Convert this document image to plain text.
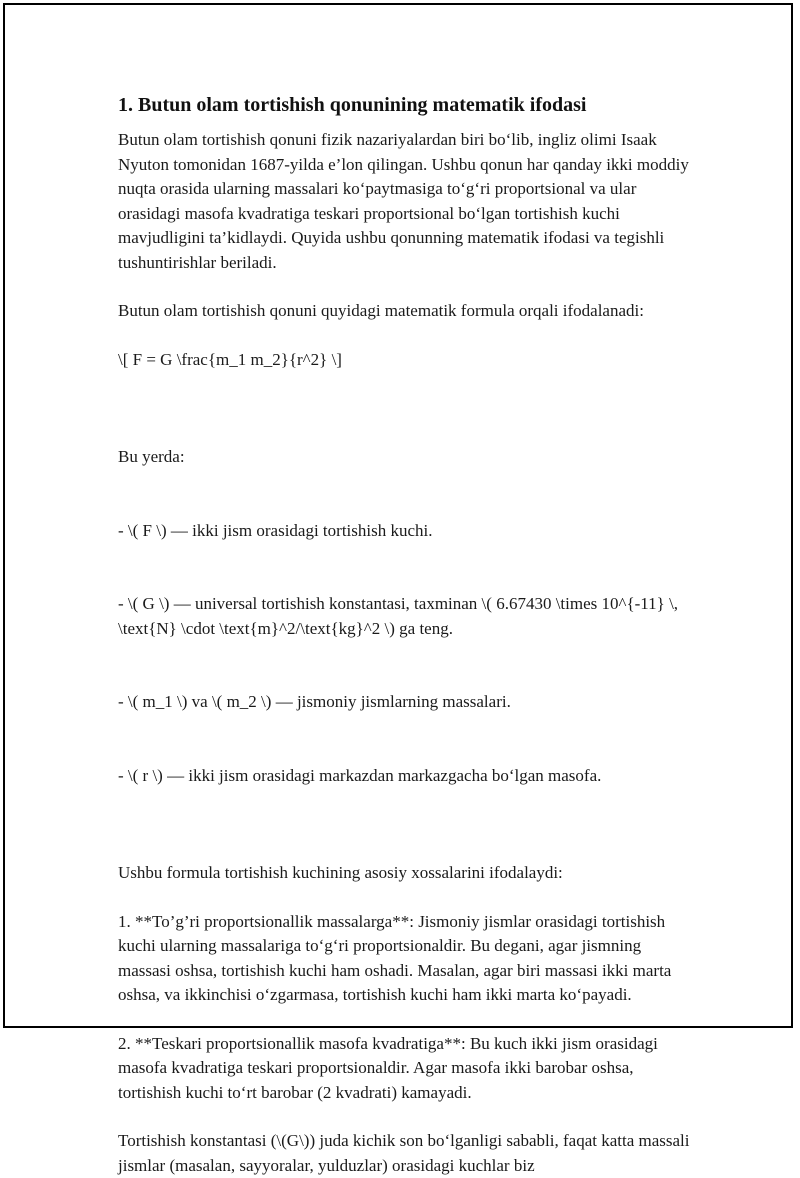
1. Butun olam tortishish qonunining matematik ifodasi

Butun olam tortishish qonuni fizik nazariyalardan biri bo‘lib, ingliz olimi Isaak Nyuton tomonidan 1687-yilda e’lon qilingan. Ushbu qonun har qanday ikki moddiy nuqta orasida ularning massalari ko‘paytmasiga to‘g‘ri proportsional va ular orasidagi masofa kvadratiga teskari proportsional bo‘lgan tortishish kuchi mavjudligini ta’kidlaydi. Quyida ushbu qonunning matematik ifodasi va tegishli tushuntirishlar beriladi.

Butun olam tortishish qonuni quyidagi matematik formula orqali ifodalanadi:

\[ F = G \frac{m_1 m_2}{r^2} \]

Bu yerda:

- \( F \) — ikki jism orasidagi tortishish kuchi.

- \( G \) — universal tortishish konstantasi, taxminan \( 6.67430 \times 10^{-11} \, \text{N} \cdot \text{m}^2/\text{kg}^2 \) ga teng.

- \( m_1 \) va \( m_2 \) — jismoniy jismlarning massalari.

- \( r \) — ikki jism orasidagi markazdan markazgacha bo‘lgan masofa.

Ushbu formula tortishish kuchining asosiy xossalarini ifodalaydi:

1. **To’g’ri proportsionallik massalarga**: Jismoniy jismlar orasidagi tortishish kuchi ularning massalariga to‘g‘ri proportsionaldir. Bu degani, agar jismning massasi oshsa, tortishish kuchi ham oshadi. Masalan, agar biri massasi ikki marta oshsa, va ikkinchisi o‘zgarmasa, tortishish kuchi ham ikki marta ko‘payadi.

2. **Teskari proportsionallik masofa kvadratiga**: Bu kuch ikki jism orasidagi masofa kvadratiga teskari proportsionaldir. Agar masofa ikki barobar oshsa, tortishish kuchi to‘rt barobar (2 kvadrati) kamayadi.

Tortishish konstantasi (\(G\)) juda kichik son bo‘lganligi sababli, faqat katta massali jismlar (masalan, sayyoralar, yulduzlar) orasidagi kuchlar biz
